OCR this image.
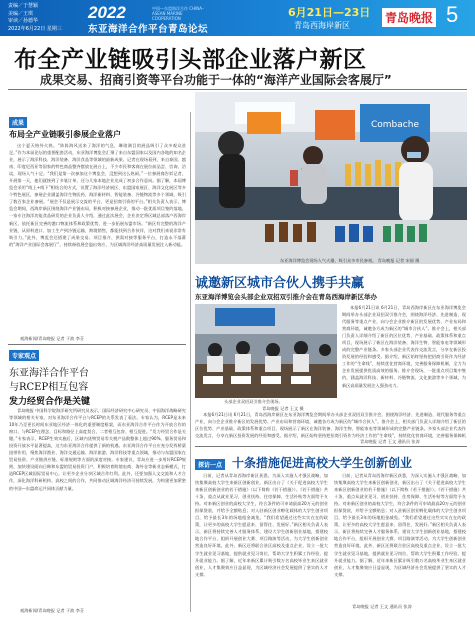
责编／于慧颖
美编／王琪
审读／孙德华
2022年6月22日 星期三
2022	中国—东盟海洋合作 CHINA–ASEAN MARINE COOPERATION
东亚海洋合作平台青岛论坛
6月21日—23日
青岛西海岸新区
青岛晚报 5
布全产业链吸引头部企业落户新区
成果交易、招商引资等平台功能于一体的“海洋产业国际会客展厅”
成果
布局全产业链吸引参展企业落户

这个夏天格外火热。“阵阵海风送来了海洋的气息，琳琅满目的展品吸引了众多观众驻足。”作为本届论坛的重要配套活动，东亚海洋博览会汇聚了来自东盟国家以及国内各地的知名企业，展示了海洋科技、海洋装备、海洋食品等领域的最新成果。记者在现场看到，来自泰国、越南、印度尼西亚等国家的特色商品整齐摆放在展台上，不少市民和客商在展位前品尝、咨询、洽谈，现场人气十足。“我们是第一次参加这个博览会，没想到这么热闹。”一位参展商告诉记者，开展第一天，他们就接到了多笔订单，还与几家本地企业达成了初步合作意向。据了解，本届博览会采用“线上+线下”相结合的方式，设置了海洋经济展区、东盟国家展区、海洋文化展区等多个特色展区，参展企业涵盖海洋生物医药、海洋新材料、智能装备、冷链物流等多个领域，吸引了数百家企业参展。“展会不仅是展示交流的平台，更是招商引资的平台。”相关负责人表示，博览会期间，西海岸新区围绕海洋产业链布局，积极对接参展企业，推动一批优质项目签约落地。一家专注海洋功能食品研发的企业负责人介绍，通过此次展会，企业决定将区域总部落户西海岸新区，依托新区完善的港口物流体系和政策优势，进一步拓展东盟市场。“新区有完整的海洋产业链，从原料进口、加工生产到冷链运输、跨境销售，都能找到合作伙伴，这对我们来说非常有吸引力。”此外，博览会还搭建了成果交易、项目推介、供需对接等服务平台，打造永不落幕的“海洋产业国际会客展厅”，持续释放展会溢出效应，为区域海洋经济高质量发展注入新动能。

观海新闻/青岛晚报 记者 于波 李芬
Combache
东亚海洋博览会现场人气火爆，吸引众多市民参观。 青岛晚报 记者 宋丽 摄
诚邀新区城市合伙人携手共赢
东亚海洋博览会头部企业双招双引推介会在青岛西海岸新区举办
头部企业双招双引推介会现场。
青岛晚报 记者 王文 摄

本报6月21日讯 6月21日，青岛西海岸新区在东亚海洋博览会期间举办头部企业双招双引推介会，围绕海洋经济、先进制造、现代服务等重点产业，向与会企业推介新区的发展优势、产业布局和营商环境，诚邀各方成为新区的“城市合伙人”。推介会上，相关部门负责人详细介绍了新区的区位优势、产业基础、政策体系和重点项目，现场展示了新区在海洋装备、海洋生物、智能家电等领域形成的完整产业链条。多家头部企业代表作交流发言，分享在新区投资发展的经验和感受。据介绍，新区始终坚持把招商引资作为经济工作的“生命线”，持续优化营商环境，完善服务保障机制，全力为企业发展提供优质高效的服务。推介会现场，一批重点项目集中签约，涵盖海洋科技、新材料、冷链物流、文化旅游等多个领域，为新区高质量发展注入强劲动力。

本报6月21日讯 6月21日，青岛西海岸新区在东亚海洋博览会期间举办头部企业双招双引推介会，围绕海洋经济、先进制造、现代服务等重点产业，向与会企业推介新区的发展优势、产业布局和营商环境，诚邀各方成为新区的“城市合伙人”。推介会上，相关部门负责人详细介绍了新区的区位优势、产业基础、政策体系和重点项目，现场展示了新区在海洋装备、海洋生物、智能家电等领域形成的完整产业链条。多家头部企业代表作交流发言，分享在新区投资发展的经验和感受。据介绍，新区始终坚持把招商引资作为经济工作的“生命线”，持续优化营商环境，完善服务保障机

青岛晚报 记者 王文 通讯员 张涛
专家观点
东亚海洋合作平台
与RCEP相互包容
发力经贸合作是关键

青岛晚报 中国科学院海洋研究所研究员表示，国际经济研究中心研究员、中国海洋战略研究等领域的相关专家，对东亚海洋合作平台与RCEP的关系发表了看法。专家认为，RCEP是未来10年乃至更长时间东亚地区经济一体化的重要制度框架，而东亚海洋合作平台作为开放合作的窗口，与RCEP在理念、目标和路径上高度契合，二者相互包容、相互促进。“发力经贸合作是关键。”专家表示，RCEP生效实施后，区域内货物贸易零关税产品数整体上超过90%，服务贸易和投资开放水平显著提高，这为东亚海洋合作提供了新的机遇。东亚海洋合作平台应充分发挥桥梁纽带作用，聚焦海洋渔业、海洋交通运输、海洋旅游、海洋科技等重点领域，推动与东盟国家在贸易投资、产业链供应链、标准规则等方面的深度对接。专家建议，青岛应进一步用好RCEP规则，加快建设面向日韩和东盟的贸易投资门户，积极培育跨境电商、海外仓等新业态新模式，打造RCEP区域国际贸易中心，让更多企业分享区域合作红利。此外，还要加强人文交流和人才合作，深化海洋科研机构、高校之间的合作，共同推动区域海洋经济可持续发展，为构建更加紧密的中国—东盟命运共同体贡献力量。

观海新闻/青岛晚报 记者 于波 李芬
探访一点 十条措施促进高校大学生创新创业

日前，记者从青岛西海岸新区获悉，为深入实施人才强区战略，加快集聚高校大学生来新区创新创业，新区出台了《关于促进高校大学生来新区创新创业的若干措施》（以下简称《若干措施》）。《若干措施》共十条，重点从就业见习、创业扶持、住房保障、生活补贴等方面给予支持。对来新区创业的高校大学生，符合条件的可申请最高20万元的创业担保贷款，并给予全额贴息；对入驻新区创业孵化载体的大学生创业项目，给予最长3年的场地租金减免。“我们希望通过这些实实在在的政策，让更多的高校大学生愿意来、留得住、发展好。”新区相关负责人表示，新区将持续完善人才服务体系，建设大学生创新创业基地，搭建校地合作平台，组织开展创业大赛、项目路演等活动，为大学生创新创业营造良好环境。此外，新区还将联合驻区高校及重点企业，设立一批大学生就业见习基地，提供就业见习岗位，帮助大学生积累工作经验、提升就业能力。据了解，近年来新区累计吸引数万名高校毕业生来区就业创业，人才集聚效应日益显现，为区域经济社会发展提供了坚实的人才支撑。

日前，记者从青岛西海岸新区获悉，为深入实施人才强区战略，加快集聚高校大学生来新区创新创业，新区出台了《关于促进高校大学生来新区创新创业的若干措施》（以下简称《若干措施》）。《若干措施》共十条，重点从就业见习、创业扶持、住房保障、生活补贴等方面给予支持。对来新区创业的高校大学生，符合条件的可申请最高20万元的创业担保贷款，并给予全额贴息；对入驻新区创业孵化载体的大学生创业项目，给予最长3年的场地租金减免。“我们希望通过这些实实在在的政策，让更多的高校大学生愿意来、留得住、发展好。”新区相关负责人表示，新区将持续完善人才服务体系，建设大学生创新创业基地，搭建校地合作平台，组织开展创业大赛、项目路演等活动，为大学生创新创业营造良好环境。此外，新区还将联合驻区高校及重点企业，设立一批大学生就业见习基地，提供就业见习岗位，帮助大学生积累工作经验、提升就业能力。据了解，近年来新区累计吸引数万名高校毕业生来区就业创业，人才集聚效应日益显现，为区域经济社会发展提供了坚实的人才支撑。

青岛晚报 记者 王文 通讯员 张涛
